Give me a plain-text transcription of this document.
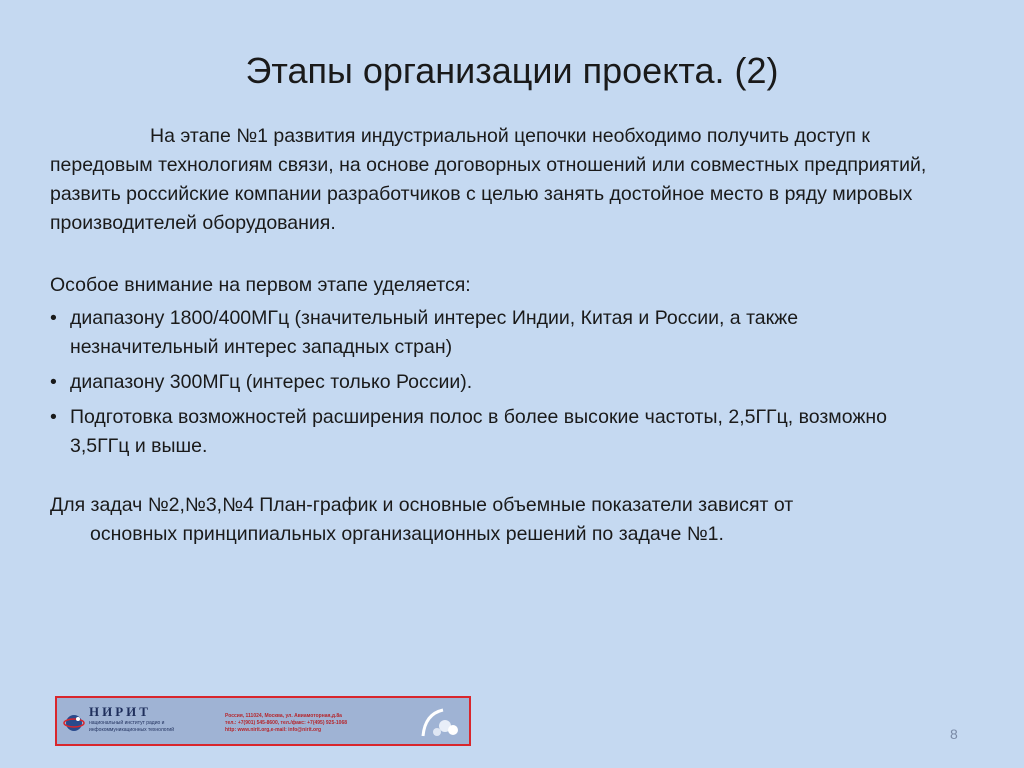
Этапы организации проекта. (2)

На этапе №1 развития индустриальной цепочки необходимо получить доступ к передовым технологиям связи, на основе договорных отношений или совместных предприятий, развить российские компании разработчиков с целью занять достойное место в ряду мировых производителей оборудования.

Особое внимание на первом этапе уделяется:

• диапазону 1800/400МГц (значительный интерес Индии, Китая и России, а также незначительный интерес западных стран)
• диапазону 300МГц (интерес только России).
• Подготовка возможностей расширения полос в более высокие частоты, 2,5ГГц, возможно 3,5ГГц и выше.

Для задач №2,№3,№4 План-график и основные объемные показатели зависят от
основных принципиальных организационных решений по задаче №1.

НИРИТ
национальный институт радио и инфокоммуникационных технологий
Россия, 111024, Москва, ул. Авиамоторная,д.8а
тел.: +7(901) 545-8600, тел./факс: +7(495) 925-1068
http: www.nirit.org,e-mail: info@nirit.org	8
